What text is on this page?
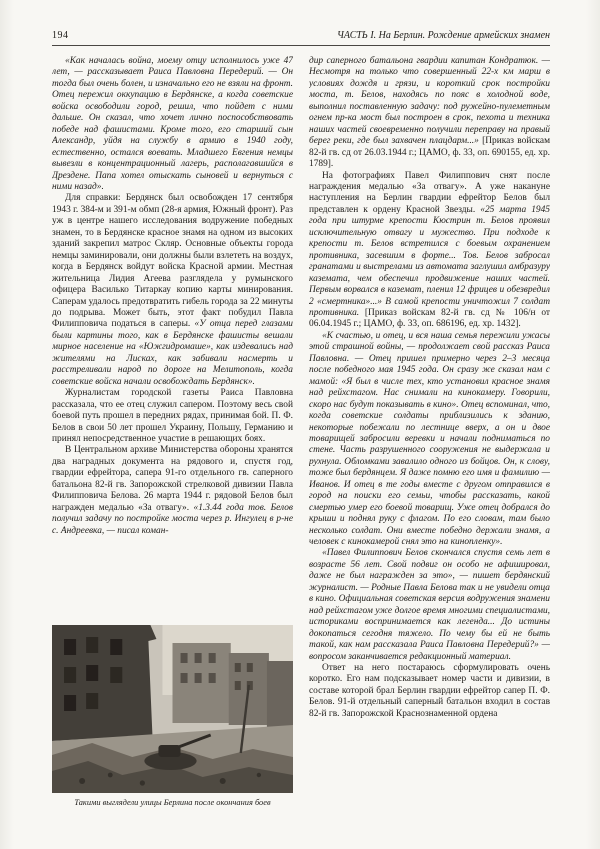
194	ЧАСТЬ I. На Берлин. Рождение армейских знамен

«Как началась война, моему отцу исполнилось уже 47 лет, — рассказывает Раиса Павловна Передерий. — Он тогда был очень болен, и изначально его не взяли на фронт. Отец пережил оккупацию в Бердянске, а когда советские войска освободили город, решил, что пойдет с ними дальше. Он сказал, что хочет лично поспособствовать победе над фашистами. Кроме того, его старший сын Александр, уйдя на службу в армию в 1940 году, естественно, остался воевать. Младшего Евгения немцы вывезли в концентрационный лагерь, располагавшийся в Дрездене. Папа хотел отыскать сыновей и вернуться с ними назад».

Для справки: Бердянск был освобожден 17 сентября 1943 г. 384-м и 391-м обмп (28-я армия, Южный фронт). Раз уж в центре нашего исследования водружение победных знамен, то в Бердянске красное знамя на одном из высоких зданий закрепил матрос Скляр. Основные объекты города немцы заминировали, они должны были взлететь на воздух, когда в Бердянск войдут войска Красной армии. Местная жительница Лидия Агеева разглядела у румынского офицера Василько Титаркау копию карты минирования. Саперам удалось предотвратить гибель города за 22 минуты до подрыва. Может быть, этот факт побудил Павла Филипповича податься в саперы. «У отца перед глазами были картины того, как в Бердянске фашисты вешали мирное население на «Южгидромаше», как издевались над жителями на Лисках, как забивали насмерть и расстреливали народ по дороге на Мелитополь, когда советские войска начали освобождать Бердянск».

Журналистам городской газеты Раиса Павловна рассказала, что ее отец служил сапером. Поэтому весь свой боевой путь прошел в передних рядах, принимая бой. П. Ф. Белов в свои 50 лет прошел Украину, Польшу, Германию и принял непосредственное участие в решающих боях.

В Центральном архиве Министерства обороны хранятся два наградных документа на рядового и, спустя год, гвардии ефрейтора, сапера 91-го отдельного гв. саперного батальона 82-й гв. Запорожской стрелковой дивизии Павла Филипповича Белова. 26 марта 1944 г. рядовой Белов был награжден медалью «За отвагу». «1.3.44 года тов. Белов получил задачу по постройке моста через р. Ингулец в р-не с. Андреевка, — писал коман-

Такими выглядели улицы Берлина после окончания боев

дир саперного батальона гвардии капитан Кондратюк. — Несмотря на только что совершенный 22-х км марш в условиях дождя и грязи, и короткий срок постройки моста, т. Белов, находясь по пояс в холодной воде, выполнил поставленную задачу: под ружейно-пулеметным огнем пр-ка мост был построен в срок, пехота и техника наших частей своевременно получили переправу на правый берег реки, где был захвачен плацдарм...» [Приказ войскам 82-й гв. сд от 26.03.1944 г.; ЦАМО, ф. 33, оп. 690155, ед. хр. 1789].

На фотографиях Павел Филиппович снят после награждения медалью «За отвагу». А уже накануне наступления на Берлин гвардии ефрейтор Белов был представлен к ордену Красной Звезды. «25 марта 1945 года при штурме крепости Кюстрин т. Белов проявил исключительную отвагу и мужество. При подходе к крепости т. Белов встретился с боевым охранением противника, засевшим в форте... Тов. Белов забросал гранатами и выстрелами из автомата заглушил амбразуру каземата, чем обеспечил продвижение наших частей. Первым ворвался в каземат, пленил 12 фрицев и обезвредил 2 «смертника»...» В самой крепости уничтожил 7 солдат противника. [Приказ войскам 82-й гв. сд № 106/н от 06.04.1945 г.; ЦАМО, ф. 33, оп. 686196, ед. хр. 1432].

«К счастью, и отец, и вся наша семья пережили ужасы этой страшной войны, — продолжает свой рассказ Раиса Павловна. — Отец пришел примерно через 2–3 месяца после победного мая 1945 года. Он сразу же сказал нам с мамой: «Я был в числе тех, кто установил красное знамя над рейхстагом. Нас снимали на кинокамеру. Говорили, скоро нас будут показывать в кино». Отец вспоминал, что, когда советские солдаты приблизились к зданию, некоторые побежали по лестнице вверх, а он и двое товарищей забросили веревки и начали подниматься по стене. Часть разрушенного сооружения не выдержала и рухнула. Обломками завалило одного из бойцов. Он, к слову, тоже был бердянцем. Я даже помню его имя и фамилию — Иванов. И отец в те годы вместе с другом отправился в город на поиски его семьи, чтобы рассказать, какой смертью умер его боевой товарищ. Уже отец добрался до крыши и поднял руку с флагом. По его словам, там было несколько солдат. Они вместе победно держали знамя, а человек с кинокамерой снял это на кинопленку».

«Павел Филиппович Белов скончался спустя семь лет в возрасте 56 лет. Свой подвиг он особо не афишировал, даже не был награжден за это», — пишет бердянский журналист. — Родные Павла Белова так и не увидели отца в кино. Официальная советская версия водружения знамени над рейхстагом уже долгое время многими специалистами, историками воспринимается как легенда... До истины докопаться сегодня тяжело. По чему бы ей не быть такой, как нам рассказала Раиса Павловна Передерий?» — вопросом заканчивается редакционный материал.

Ответ на него постараюсь сформулировать очень коротко. Его нам подсказывает номер части и дивизии, в составе которой брал Берлин гвардии ефрейтор сапер П. Ф. Белов. 91-й отдельный саперный батальон входил в состав 82-й гв. Запорожской Краснознаменной ордена
